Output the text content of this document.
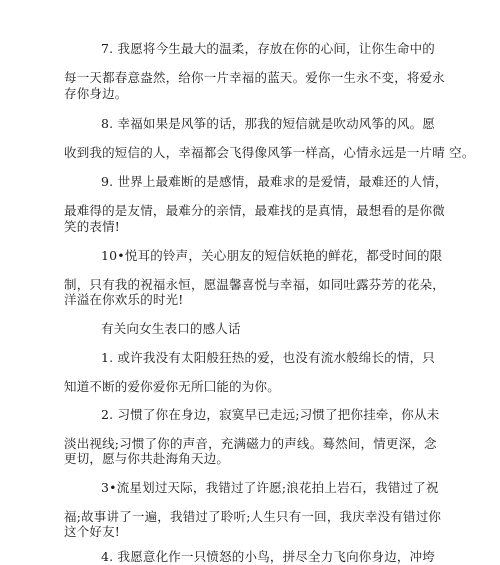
7. 我愿将今生最大的温柔，存放在你的心间，让你生命中的
每一天都春意盎然，给你一片幸福的蓝天。爱你一生永不变，将爱永
存你身边。
8. 幸福如果是风筝的话，那我的短信就是吹动风筝的风。愿
收到我的短信的人，幸福都会飞得像风筝一样高，心情永远是一片晴 空。
9. 世界上最难断的是感情，最难求的是爱情，最难还的人情，
最难得的是友情，最难分的亲情，最难找的是真情，最想看的是你微
笑的表情!
10•悦耳的铃声，关心朋友的短信妖艳的鲜花，都受时间的限
制，只有我的祝福永恒，愿温馨喜悦与幸福，如同吐露芬芳的花朵，
洋溢在你欢乐的时光!
有关向女生表口的感人话
1. 或许我没有太阳般狂热的爱，也没有流水般绵长的情，只
知道不断的爱你爱你无所囗能的为你。
2. 习惯了你在身边，寂寞早已走远;习惯了把你挂牵，你从未
淡出视线;习惯了你的声音，充满磁力的声线。蓦然间，情更深，念
更切，愿与你共赴海角天边。
3•流星划过天际，我错过了许愿;浪花拍上岩石，我错过了祝
福;故事讲了一遍，我错过了聆听;人生只有一回，我庆幸没有错过你
这个好友!
4. 我愿意化作一只愤怒的小鸟，拼尽全力飞向你身边，冲垮
